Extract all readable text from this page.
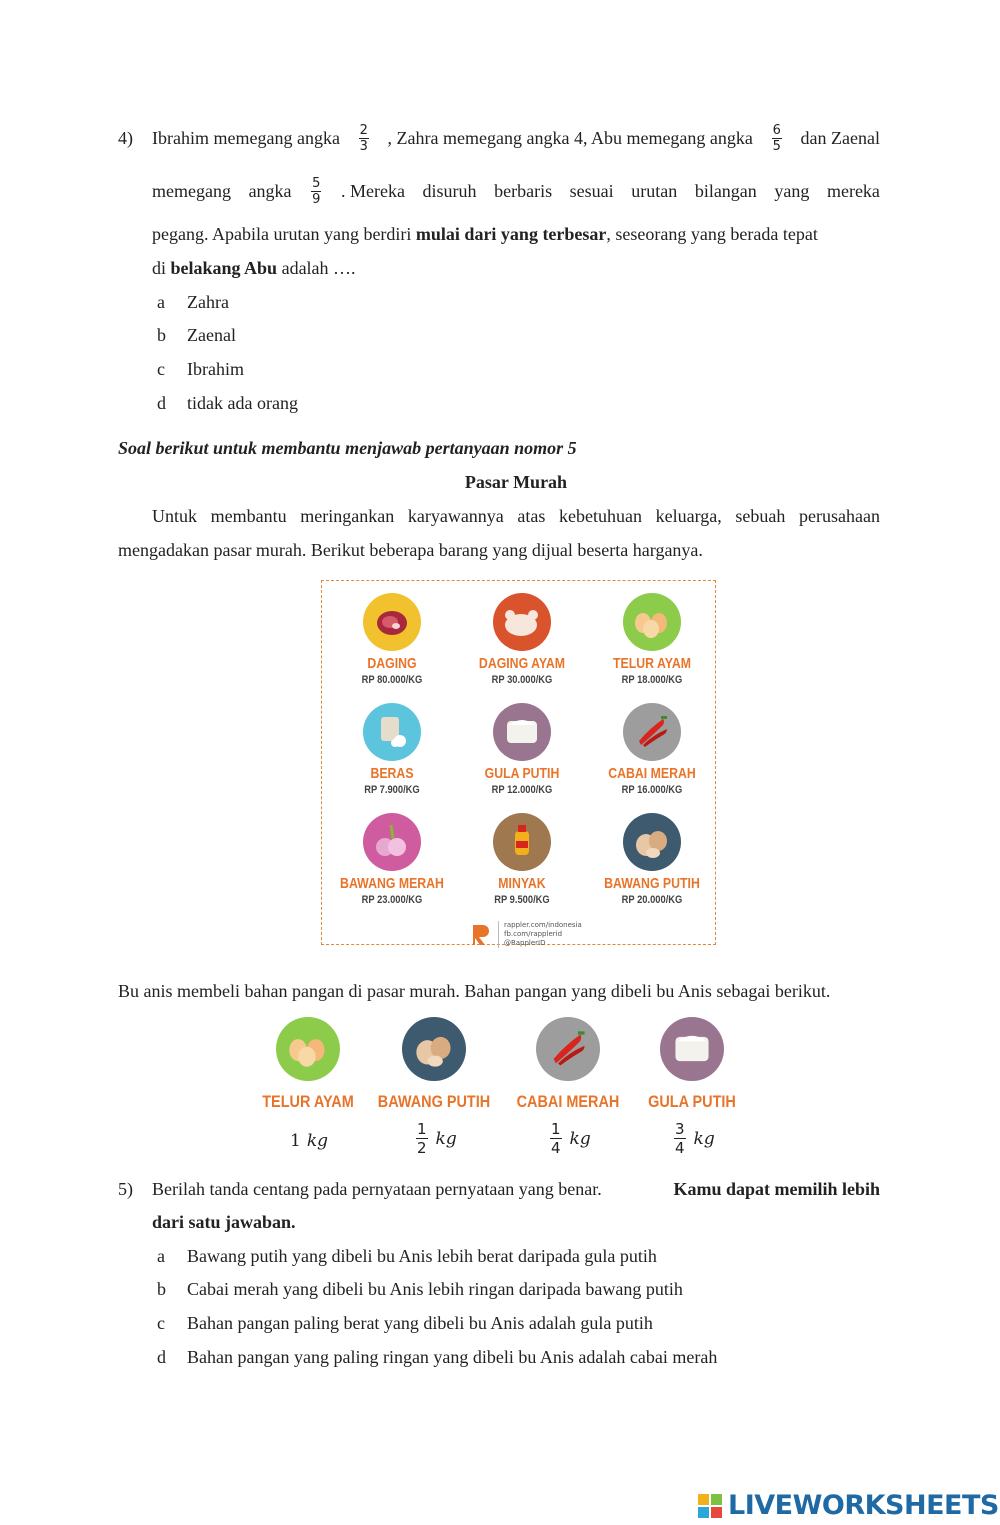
4) Ibrahim memegang angka $\frac{2}{3}$ , Zahra memegang angka 4, Abu memegang angka $\frac{6}{5}$ dan Zaenal
memegang angka $\frac{5}{9}$ . Mereka disuruh berbaris sesuai urutan bilangan yang mereka
pegang. Apabila urutan yang berdiri mulai dari yang terbesar, seseorang yang berada tepat
di belakang Abu adalah ….
a Zahra
b Zaenal
c Ibrahim
d tidak ada orang
Soal berikut untuk membantu menjawab pertanyaan nomor 5
Pasar Murah
Untuk membantu meringankan karyawannya atas kebetuhuan keluarga, sebuah perusahaan
mengadakan pasar murah. Berikut beberapa barang yang dijual beserta harganya.
DAGING
RP 80.000/KG
DAGING AYAM
RP 30.000/KG
TELUR AYAM
RP 18.000/KG
BERAS
RP 7.900/KG
GULA PUTIH
RP 12.000/KG
CABAI MERAH
RP 16.000/KG
BAWANG MERAH
RP 23.000/KG
MINYAK
RP 9.500/KG
BAWANG PUTIH
RP 20.000/KG
rappler.com/indonesia
fb.com/rapplerid
@RapplerID
Bu anis membeli bahan pangan di pasar murah. Bahan pangan yang dibeli bu Anis sebagai berikut.
TELUR AYAM	BAWANG PUTIH	CABAI MERAH	GULA PUTIH
5) Berilah tanda centang pada pernyataan pernyataan yang benar.	Kamu dapat memilih lebih
dari satu jawaban.
a Bawang putih yang dibeli bu Anis lebih berat daripada gula putih
b Cabai merah yang dibeli bu Anis lebih ringan daripada bawang putih
c Bahan pangan paling berat yang dibeli bu Anis adalah gula putih
d Bahan pangan yang paling ringan yang dibeli bu Anis adalah cabai merah
LIVEWORKSHEETS
1 kg	$\frac{1}{2}$ kg	$\frac{1}{4}$ kg	$\frac{3}{4}$ kg
